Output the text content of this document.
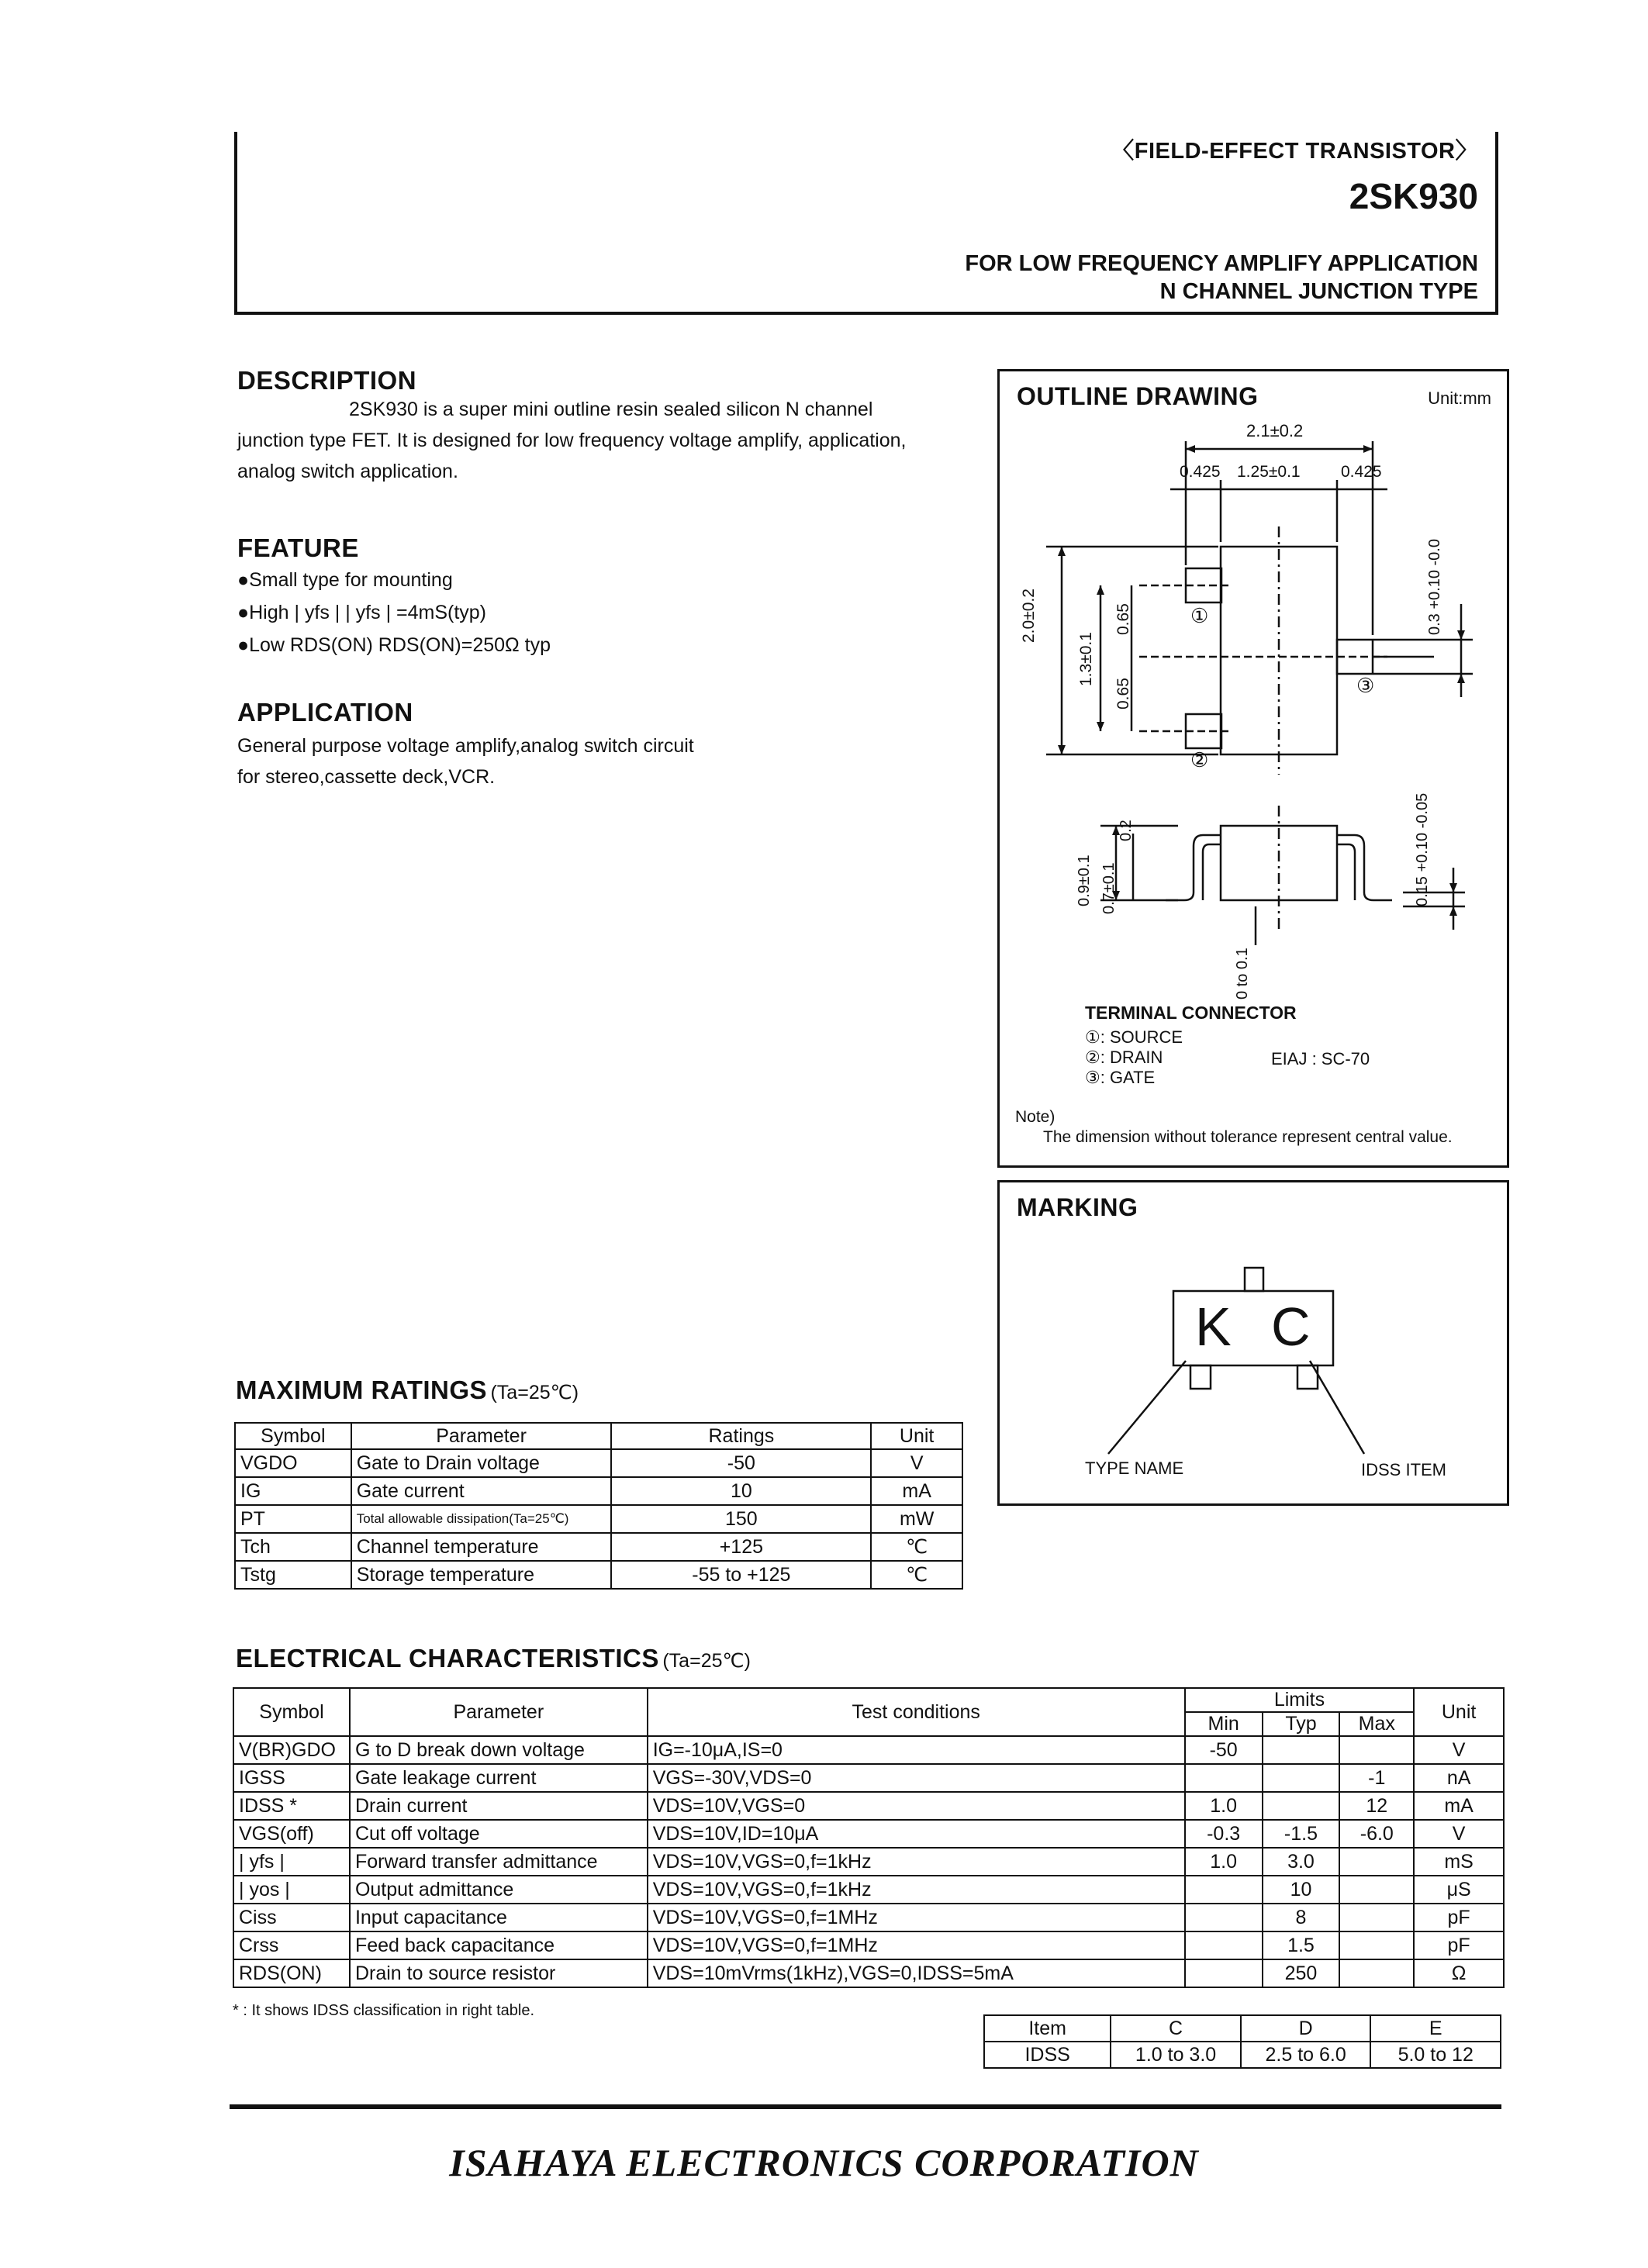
〈FIELD-EFFECT TRANSISTOR〉
2SK930
FOR LOW FREQUENCY AMPLIFY APPLICATION
N CHANNEL JUNCTION TYPE
DESCRIPTION
2SK930 is a super mini outline resin sealed silicon N channel
junction type FET. It is designed for low frequency voltage amplify, application,
analog switch application.
FEATURE
●Small type for mounting
●High | yfs | | yfs | =4mS(typ)
●Low RDS(ON) RDS(ON)=250Ω typ
APPLICATION
General purpose voltage amplify,analog switch circuit
for stereo,cassette deck,VCR.
OUTLINE DRAWING	Unit:mm
2.1±0.2
0.425 1.25±0.1 0.425
2.0±0.2
1.3±0.1
0.65
0.65
0.3 +0.10 -0.0
0.9±0.1 0.7±0.1
0.2	0.15 +0.10 -0.05
0 to 0.1
①
②
③
TERMINAL CONNECTOR
①: SOURCE
②: DRAIN
③: GATE
EIAJ : SC-70
Note)
The dimension without tolerance represent central value.
MARKING
K C
TYPE NAME	IDSS ITEM
MAXIMUM RATINGS (Ta=25℃)
Symbol	Parameter	Ratings	Unit
VGDO	Gate to Drain voltage	-50	V
IG	Gate current	10	mA
PT	Total allowable dissipation(Ta=25℃)	150	mW
Tch	Channel temperature	+125	℃
Tstg	Storage temperature	-55 to +125	℃
ELECTRICAL CHARACTERISTICS (Ta=25℃)
Symbol	Parameter	Test conditions	Limits			Unit
			Min	Typ	Max	
V(BR)GDO	G to D break down voltage	IG=-10μA,IS=0	-50			V
IGSS	Gate leakage current	VGS=-30V,VDS=0			-1	nA
IDSS *	Drain current	VDS=10V,VGS=0	1.0		12	mA
VGS(off)	Cut off voltage	VDS=10V,ID=10μA	-0.3	-1.5	-6.0	V
| yfs |	Forward transfer admittance	VDS=10V,VGS=0,f=1kHz	1.0	3.0		mS
| yos |	Output admittance	VDS=10V,VGS=0,f=1kHz		10		μS
Ciss	Input capacitance	VDS=10V,VGS=0,f=1MHz		8		pF
Crss	Feed back capacitance	VDS=10V,VGS=0,f=1MHz		1.5		pF
RDS(ON)	Drain to source resistor	VDS=10mVrms(1kHz),VGS=0,IDSS=5mA		250		Ω
* : It shows IDSS classification in right table.
Item	C	D	E
IDSS	1.0 to 3.0	2.5 to 6.0	5.0 to 12
ISAHAYA ELECTRONICS CORPORATION
